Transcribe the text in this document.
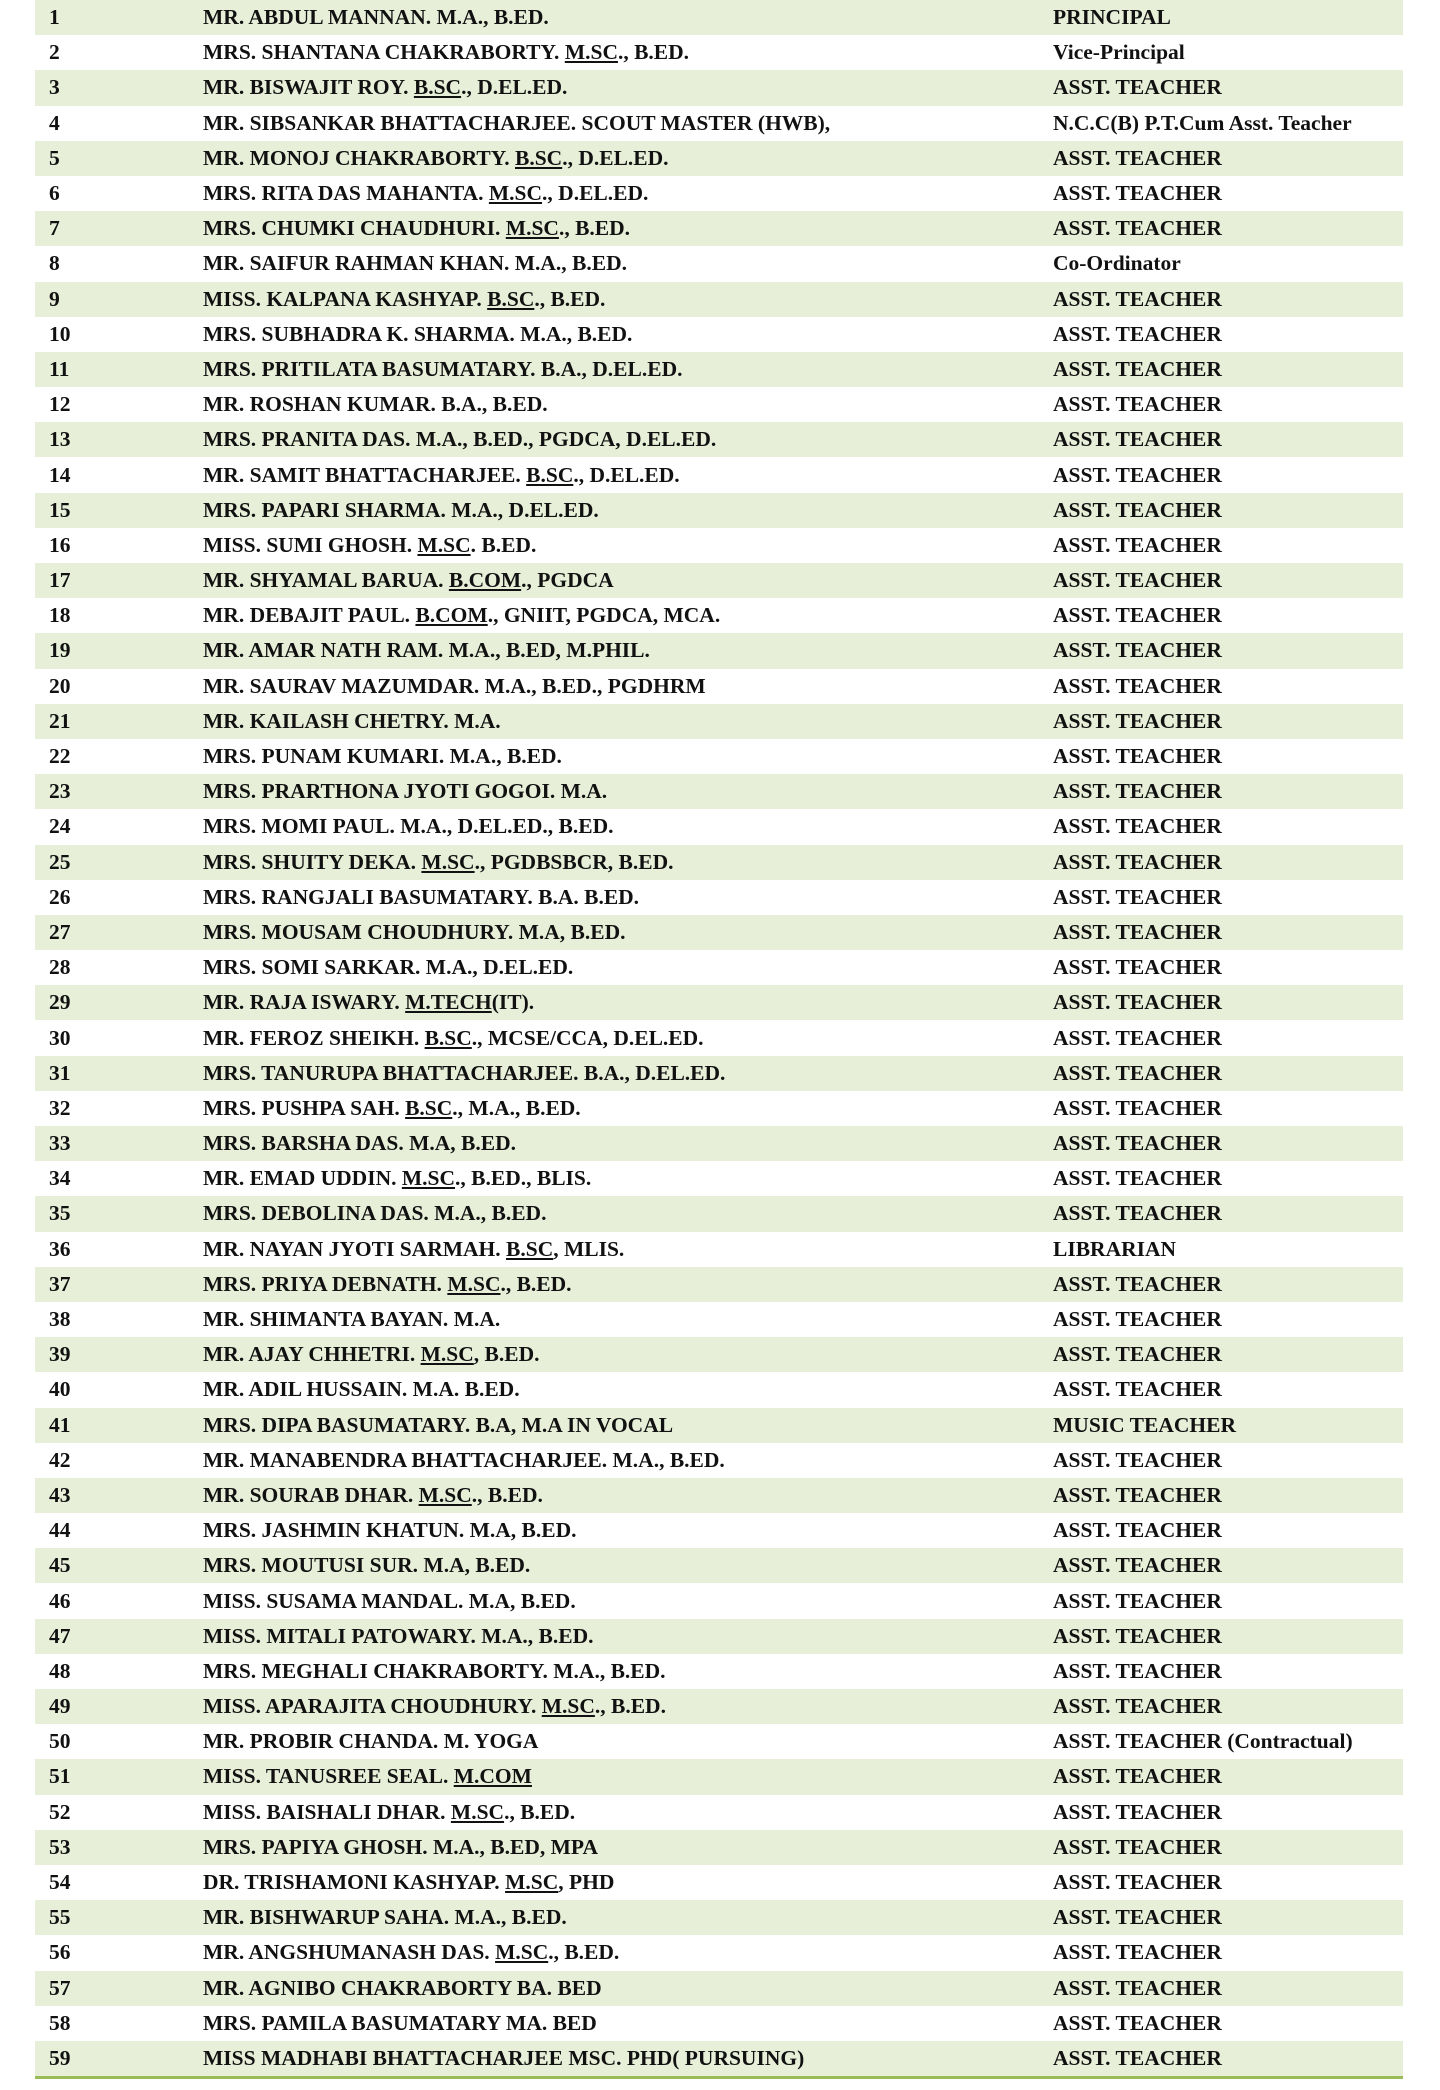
1	MR. ABDUL MANNAN. M.A., B.ED.	PRINCIPAL
2	MRS. SHANTANA CHAKRABORTY. M.SC., B.ED.	Vice-Principal
3	MR. BISWAJIT ROY. B.SC., D.EL.ED.	ASST. TEACHER
4	MR. SIBSANKAR BHATTACHARJEE. SCOUT MASTER (HWB),	N.C.C(B) P.T.Cum Asst. Teacher
5	MR. MONOJ CHAKRABORTY. B.SC., D.EL.ED.	ASST. TEACHER
6	MRS. RITA DAS MAHANTA. M.SC., D.EL.ED.	ASST. TEACHER
7	MRS. CHUMKI CHAUDHURI. M.SC., B.ED.	ASST. TEACHER
8	MR. SAIFUR RAHMAN KHAN. M.A., B.ED.	Co-Ordinator
9	MISS. KALPANA KASHYAP. B.SC., B.ED.	ASST. TEACHER
10	MRS. SUBHADRA K. SHARMA. M.A., B.ED.	ASST. TEACHER
11	MRS. PRITILATA BASUMATARY. B.A., D.EL.ED.	ASST. TEACHER
12	MR. ROSHAN KUMAR. B.A., B.ED.	ASST. TEACHER
13	MRS. PRANITA DAS. M.A., B.ED., PGDCA, D.EL.ED.	ASST. TEACHER
14	MR. SAMIT BHATTACHARJEE. B.SC., D.EL.ED.	ASST. TEACHER
15	MRS. PAPARI SHARMA. M.A., D.EL.ED.	ASST. TEACHER
16	MISS. SUMI GHOSH. M.SC. B.ED.	ASST. TEACHER
17	MR. SHYAMAL BARUA. B.COM., PGDCA	ASST. TEACHER
18	MR. DEBAJIT PAUL. B.COM., GNIIT, PGDCA, MCA.	ASST. TEACHER
19	MR. AMAR NATH RAM. M.A., B.ED, M.PHIL.	ASST. TEACHER
20	MR. SAURAV MAZUMDAR. M.A., B.ED., PGDHRM	ASST. TEACHER
21	MR. KAILASH CHETRY. M.A.	ASST. TEACHER
22	MRS. PUNAM KUMARI. M.A., B.ED.	ASST. TEACHER
23	MRS. PRARTHONA JYOTI GOGOI. M.A.	ASST. TEACHER
24	MRS. MOMI PAUL. M.A., D.EL.ED., B.ED.	ASST. TEACHER
25	MRS. SHUITY DEKA. M.SC., PGDBSBCR, B.ED.	ASST. TEACHER
26	MRS. RANGJALI BASUMATARY. B.A. B.ED.	ASST. TEACHER
27	MRS. MOUSAM CHOUDHURY. M.A, B.ED.	ASST. TEACHER
28	MRS. SOMI SARKAR. M.A., D.EL.ED.	ASST. TEACHER
29	MR. RAJA ISWARY. M.TECH(IT).	ASST. TEACHER
30	MR. FEROZ SHEIKH. B.SC., MCSE/CCA, D.EL.ED.	ASST. TEACHER
31	MRS. TANURUPA BHATTACHARJEE. B.A., D.EL.ED.	ASST. TEACHER
32	MRS. PUSHPA SAH. B.SC., M.A., B.ED.	ASST. TEACHER
33	MRS. BARSHA DAS. M.A, B.ED.	ASST. TEACHER
34	MR. EMAD UDDIN. M.SC., B.ED., BLIS.	ASST. TEACHER
35	MRS. DEBOLINA DAS. M.A., B.ED.	ASST. TEACHER
36	MR. NAYAN JYOTI SARMAH. B.SC, MLIS.	LIBRARIAN
37	MRS. PRIYA DEBNATH. M.SC., B.ED.	ASST. TEACHER
38	MR. SHIMANTA BAYAN. M.A.	ASST. TEACHER
39	MR. AJAY CHHETRI. M.SC, B.ED.	ASST. TEACHER
40	MR. ADIL HUSSAIN. M.A. B.ED.	ASST. TEACHER
41	MRS. DIPA BASUMATARY. B.A, M.A IN VOCAL	MUSIC TEACHER
42	MR. MANABENDRA BHATTACHARJEE. M.A., B.ED.	ASST. TEACHER
43	MR. SOURAB DHAR. M.SC., B.ED.	ASST. TEACHER
44	MRS. JASHMIN KHATUN. M.A, B.ED.	ASST. TEACHER
45	MRS. MOUTUSI SUR. M.A, B.ED.	ASST. TEACHER
46	MISS. SUSAMA MANDAL. M.A, B.ED.	ASST. TEACHER
47	MISS. MITALI PATOWARY. M.A., B.ED.	ASST. TEACHER
48	MRS. MEGHALI CHAKRABORTY. M.A., B.ED.	ASST. TEACHER
49	MISS. APARAJITA CHOUDHURY. M.SC., B.ED.	ASST. TEACHER
50	MR. PROBIR CHANDA. M. YOGA	ASST. TEACHER (Contractual)
51	MISS. TANUSREE SEAL. M.COM	ASST. TEACHER
52	MISS. BAISHALI DHAR. M.SC., B.ED.	ASST. TEACHER
53	MRS. PAPIYA GHOSH. M.A., B.ED, MPA	ASST. TEACHER
54	DR. TRISHAMONI KASHYAP. M.SC, PHD	ASST. TEACHER
55	MR. BISHWARUP SAHA. M.A., B.ED.	ASST. TEACHER
56	MR. ANGSHUMANASH DAS. M.SC., B.ED.	ASST. TEACHER
57	MR. AGNIBO CHAKRABORTY BA. BED	ASST. TEACHER
58	MRS. PAMILA BASUMATARY MA. BED	ASST. TEACHER
59	MISS MADHABI BHATTACHARJEE MSC. PHD( PURSUING)	ASST. TEACHER
